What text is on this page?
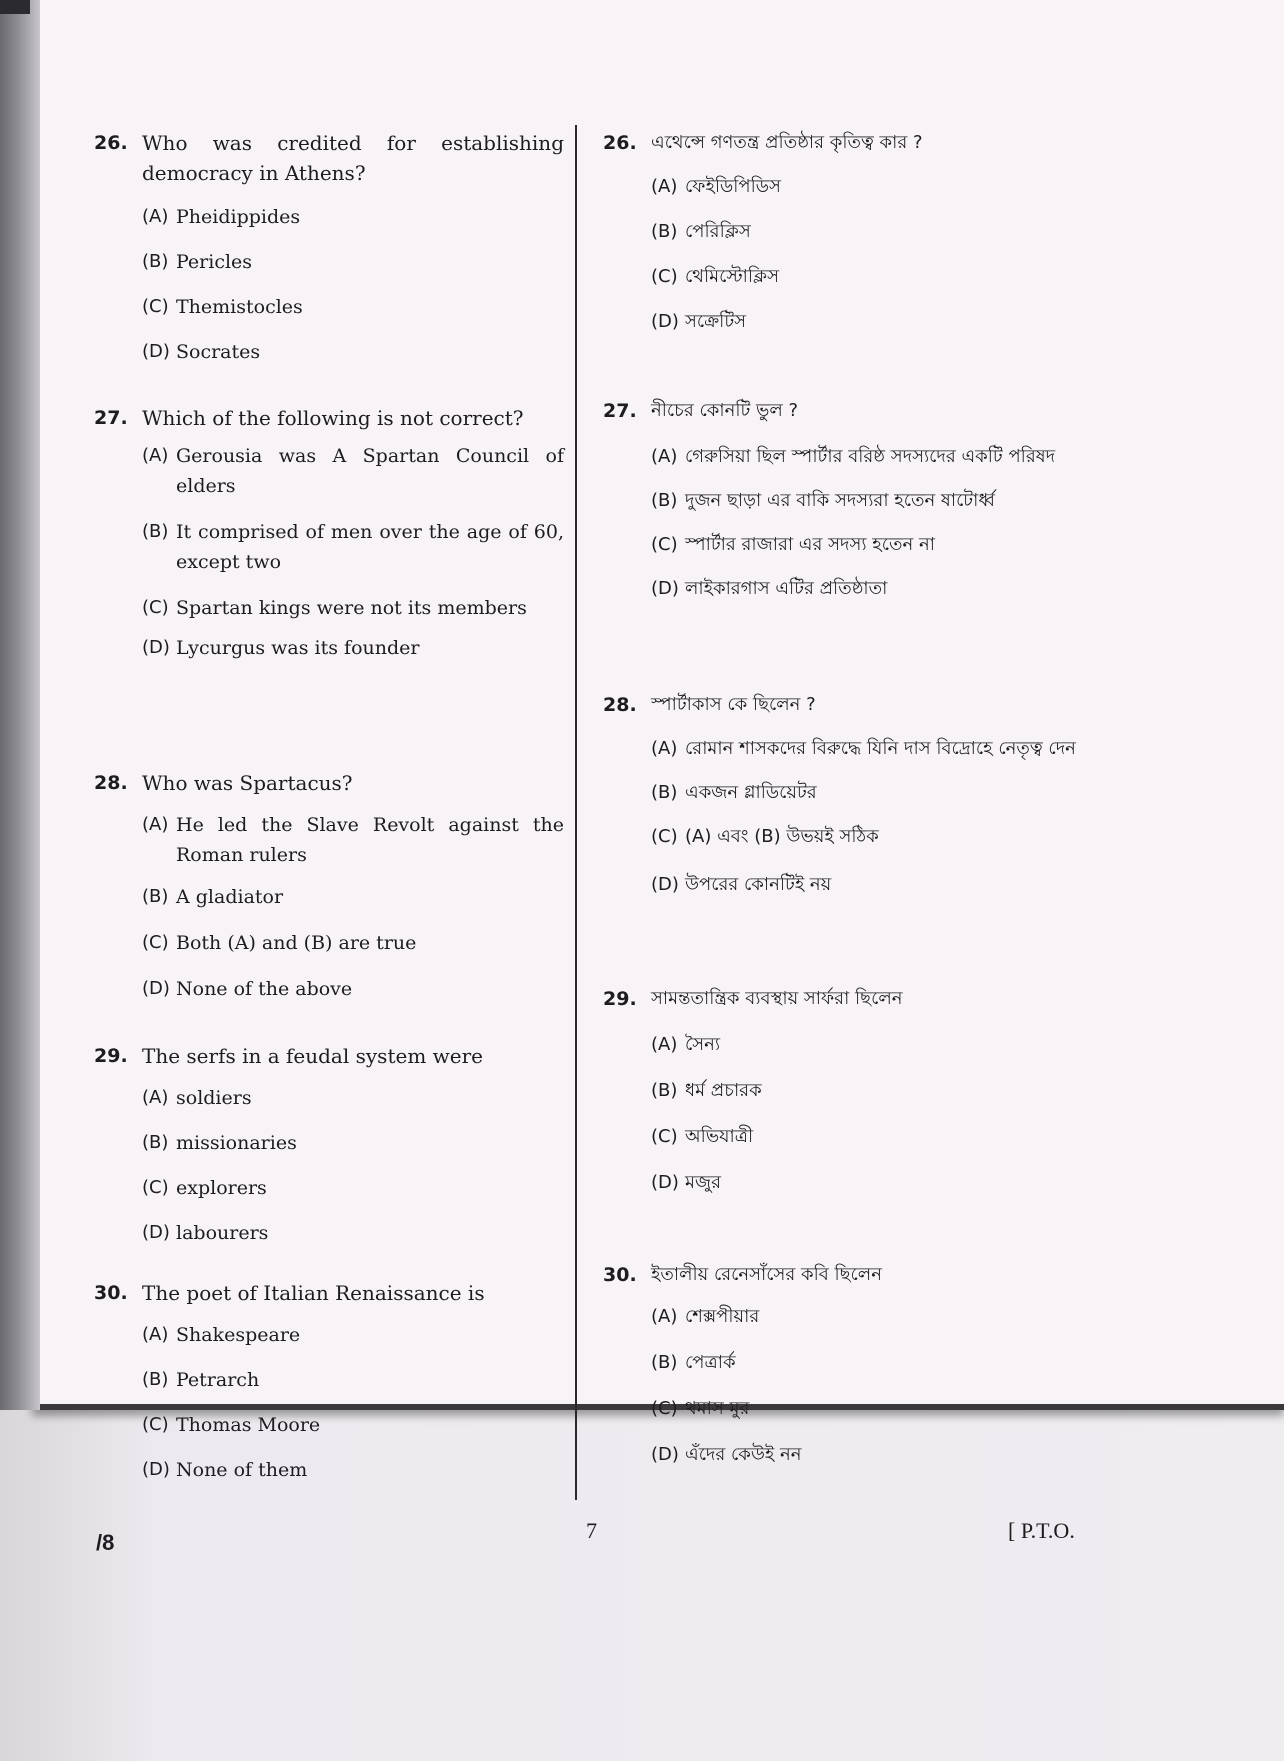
26. Who was credited for establishing democracy in Athens?
(A) Pheidippides
(B) Pericles
(C) Themistocles
(D) Socrates
27. Which of the following is not correct?
(A) Gerousia was A Spartan Council of elders
(B) It comprised of men over the age of 60, except two
(C) Spartan kings were not its members
(D) Lycurgus was its founder
28. Who was Spartacus?
(A) He led the Slave Revolt against the Roman rulers
(B) A gladiator
(C) Both (A) and (B) are true
(D) None of the above
29. The serfs in a feudal system were
(A) soldiers
(B) missionaries
(C) explorers
(D) labourers
30. The poet of Italian Renaissance is
(A) Shakespeare
(B) Petrarch
(C) Thomas Moore
(D) None of them
26. এথেন্সে গণতন্ত্র প্রতিষ্ঠার কৃতিত্ব কার ?
(A) ফেইডিপিডিস
(B) পেরিক্লিস
(C) থেমিস্টোক্লিস
(D) সক্রেটিস
27. নীচের কোনটি ভুল ?
(A) গেরুসিয়া ছিল স্পার্টার বরিষ্ঠ সদস্যদের একটি পরিষদ
(B) দুজন ছাড়া এর বাকি সদস্যরা হতেন ষাটোর্ধ্ব
(C) স্পার্টার রাজারা এর সদস্য হতেন না
(D) লাইকারগাস এটির প্রতিষ্ঠাতা
28. স্পার্টাকাস কে ছিলেন ?
(A) রোমান শাসকদের বিরুদ্ধে যিনি দাস বিদ্রোহে নেতৃত্ব দেন
(B) একজন গ্লাডিয়েটর
(C) (A) এবং (B) উভয়ই সঠিক
(D) উপরের কোনটিই নয়
29. সামন্ততান্ত্রিক ব্যবস্থায় সার্ফরা ছিলেন
(A) সৈন্য
(B) ধর্ম প্রচারক
(C) অভিযাত্রী
(D) মজুর
30. ইতালীয় রেনেসাঁসের কবি ছিলেন
(A) শেক্সপীয়ার
(B) পেত্রার্ক
(C) থমাস মুর
(D) এঁদের কেউই নন
/8	7	[ P.T.O.
